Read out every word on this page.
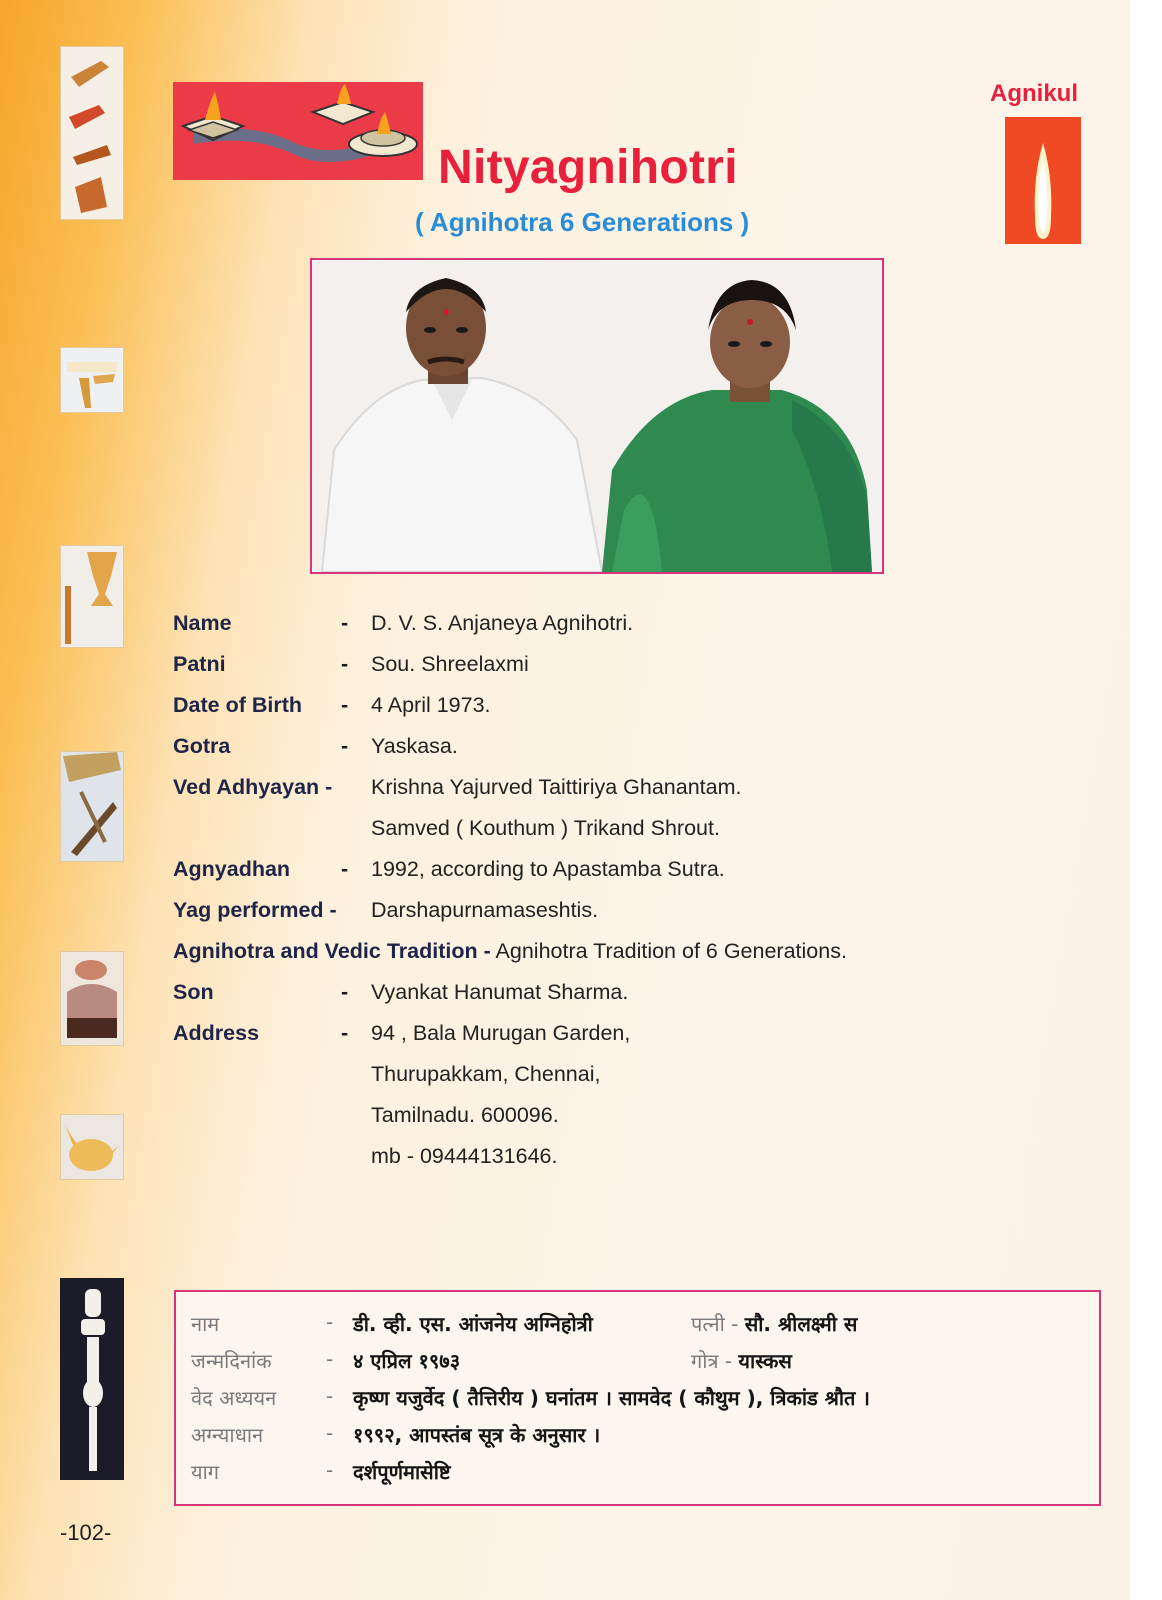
Nityagnihotri
( Agnihotra 6 Generations )
Agnikul
Name	- D. V. S. Anjaneya Agnihotri.
Patni	- Sou. Shreelaxmi
Date of Birth - 4 April 1973.
Gotra	- Yaskasa.
Ved Adhyayan - Krishna Yajurved Taittiriya Ghanantam.
Samved ( Kouthum ) Trikand Shrout.
Agnyadhan - 1992, according to Apastamba Sutra.
Yag performed - Darshapurnamaseshtis.
Agnihotra and Vedic Tradition - Agnihotra Tradition of 6 Generations.
Son	- Vyankat Hanumat Sharma.
Address	- 94 , Bala Murugan Garden,
Thurupakkam, Chennai,
Tamilnadu. 600096.
mb - 09444131646.
नाम	- डी. व्ही. एस. आंजनेय अग्निहोत्री	पत्नी - सौ. श्रीलक्ष्मी स
जन्मदिनांक	- ४ एप्रिल १९७३	गोत्र - यास्कस
वेद अध्ययन - कृष्ण यजुर्वेद ( तैत्तिरीय ) घनांतम । सामवेद ( कौथुम ), त्रिकांड श्रौत ।
अग्न्याधान	- १९९२, आपस्तंब सूत्र के अनुसार ।
याग	- दर्शपूर्णमासेष्टि
-102-
